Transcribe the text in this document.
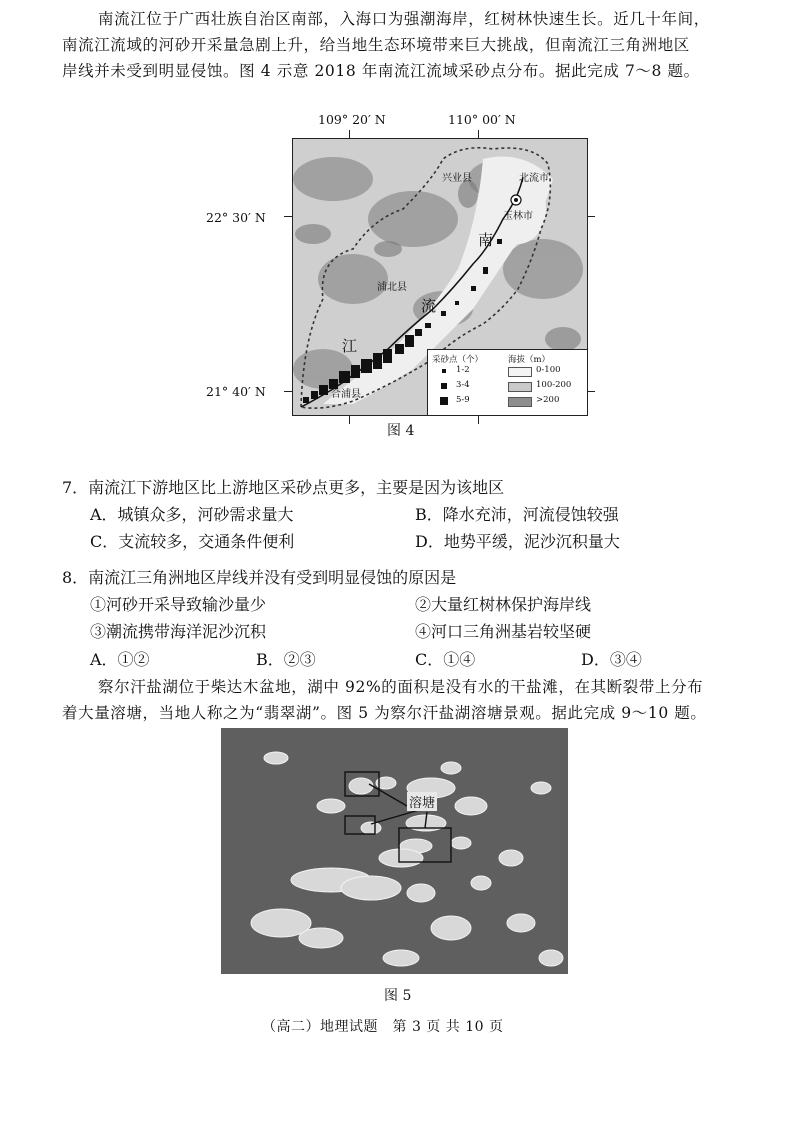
南流江位于广西壮族自治区南部，入海口为强潮海岸，红树林快速生长。近几十年间，
南流江流域的河砂开采量急剧上升，给当地生态环境带来巨大挑战，但南流江三角洲地区
岸线并未受到明显侵蚀。图 4 示意 2018 年南流江流域采砂点分布。据此完成 7～8 题。
109° 20′ N	110° 00′ N
22° 30′ N
21° 40′ N
兴业县	北流市
玉林市
浦北县
合浦县
南
流
江
采砂点（个）	海拔（m）
1-2
3-4
5-9
0-100
100-200
>200
图 4
7．南流江下游地区比上游地区采砂点更多，主要是因为该地区
A．城镇众多，河砂需求量大	B．降水充沛，河流侵蚀较强
C．支流较多，交通条件便利	D．地势平缓，泥沙沉积量大
8．南流江三角洲地区岸线并没有受到明显侵蚀的原因是
①河砂开采导致输沙量少	②大量红树林保护海岸线
③潮流携带海洋泥沙沉积	④河口三角洲基岩较坚硬
A．①②	B．②③	C．①④	D．③④
察尔汗盐湖位于柴达木盆地，湖中 92%的面积是没有水的干盐滩，在其断裂带上分布
着大量溶塘，当地人称之为“翡翠湖”。图 5 为察尔汗盐湖溶塘景观。据此完成 9～10 题。
溶塘
图 5
（高二）地理试题　第 3 页 共 10 页
